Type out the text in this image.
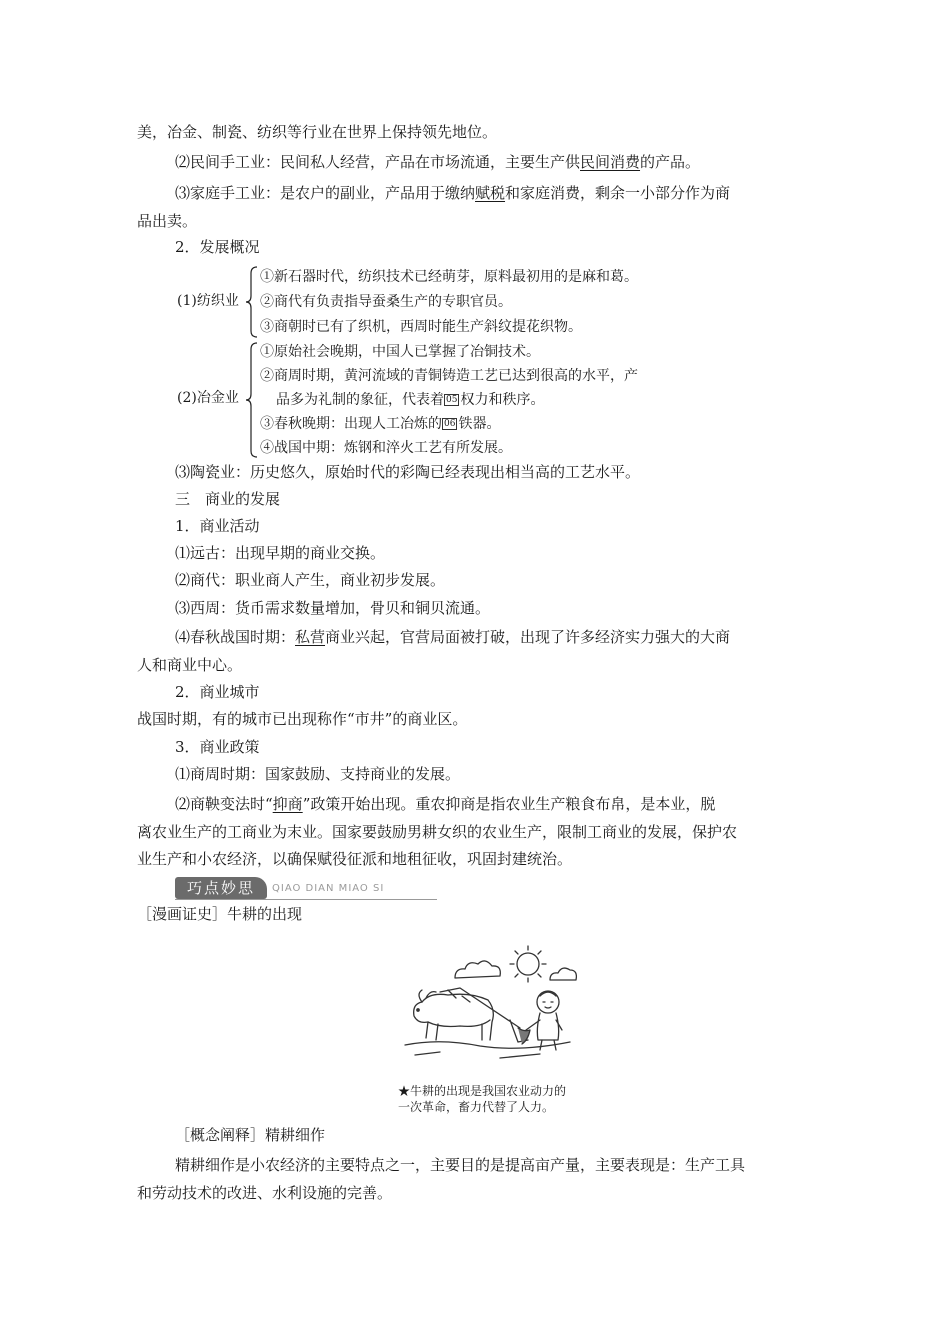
美，冶金、制瓷、纺织等行业在世界上保持领先地位。
⑵民间手工业：民间私人经营，产品在市场流通，主要生产供民间消费的产品。
⑶家庭手工业：是农户的副业，产品用于缴纳赋税和家庭消费，剩余一小部分作为商
品出卖。
2．发展概况
(1)纺织业
①新石器时代，纺织技术已经萌芽，原料最初用的是麻和葛。
②商代有负责指导蚕桑生产的专职官员。
③商朝时已有了织机，西周时能生产斜纹提花织物。
(2)冶金业
①原始社会晚期，中国人已掌握了冶铜技术。
②商周时期，黄河流域的青铜铸造工艺已达到很高的水平，产
品多为礼制的象征，代表着 05 权力和秩序。
③春秋晚期：出现人工冶炼的 06 铁器。
④战国中期：炼钢和淬火工艺有所发展。
⑶陶瓷业：历史悠久，原始时代的彩陶已经表现出相当高的工艺水平。
三　商业的发展
1．商业活动
⑴远古：出现早期的商业交换。
⑵商代：职业商人产生，商业初步发展。
⑶西周：货币需求数量增加，骨贝和铜贝流通。
⑷春秋战国时期：私营商业兴起，官营局面被打破，出现了许多经济实力强大的大商
人和商业中心。
2．商业城市
战国时期，有的城市已出现称作“市井”的商业区。
3．商业政策
⑴商周时期：国家鼓励、支持商业的发展。
⑵商鞅变法时“抑商”政策开始出现。重农抑商是指农业生产粮食布帛，是本业，脱
离农业生产的工商业为末业。国家要鼓励男耕女织的农业生产，限制工商业的发展，保护农
业生产和小农经济，以确保赋役征派和地租征收，巩固封建统治。
巧点妙思	QIAO DIAN MIAO SI
［漫画证史］牛耕的出现
★牛耕的出现是我国农业动力的
一次革命，畜力代替了人力。
［概念阐释］精耕细作
精耕细作是小农经济的主要特点之一，主要目的是提高亩产量，主要表现是：生产工具
和劳动技术的改进、水利设施的完善。
